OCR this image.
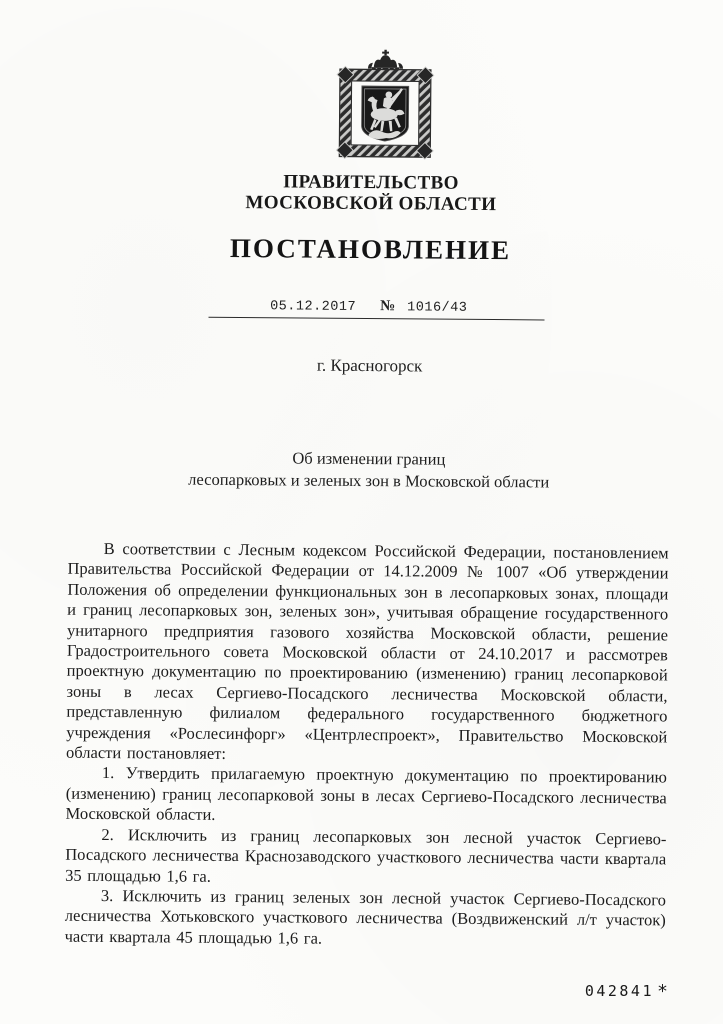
ПРАВИТЕЛЬСТВО
МОСКОВСКОЙ ОБЛАСТИ
ПОСТАНОВЛЕНИЕ
05.12.2017 № 1016/43
г. Красногорск
Об изменении границ
лесопарковых и зеленых зон в Московской области

В соответствии с Лесным кодексом Российской Федерации, постановлением Правительства Российской Федерации от 14.12.2009 № 1007 «Об утверждении Положения об определении функциональных зон в лесопарковых зонах, площади и границ лесопарковых зон, зеленых зон», учитывая обращение государственного унитарного предприятия газового хозяйства Московской области, решение Градостроительного совета Московской области от 24.10.2017 и рассмотрев проектную документацию по проектированию (изменению) границ лесопарковой зоны в лесах Сергиево-Посадского лесничества Московской области, представленную филиалом федерального государственного бюджетного учреждения «Рослесинфорг» «Центрлеспроект», Правительство Московской области постановляет:

1. Утвердить прилагаемую проектную документацию по проектированию (изменению) границ лесопарковой зоны в лесах Сергиево-Посадского лесничества Московской области.

2. Исключить из границ лесопарковых зон лесной участок Сергиево-Посадского лесничества Краснозаводского участкового лесничества части квартала 35 площадью 1,6 га.

3. Исключить из границ зеленых зон лесной участок Сергиево-Посадского лесничества Хотьковского участкового лесничества (Воздвиженский л/т участок) части квартала 45 площадью 1,6 га.

042841 *
